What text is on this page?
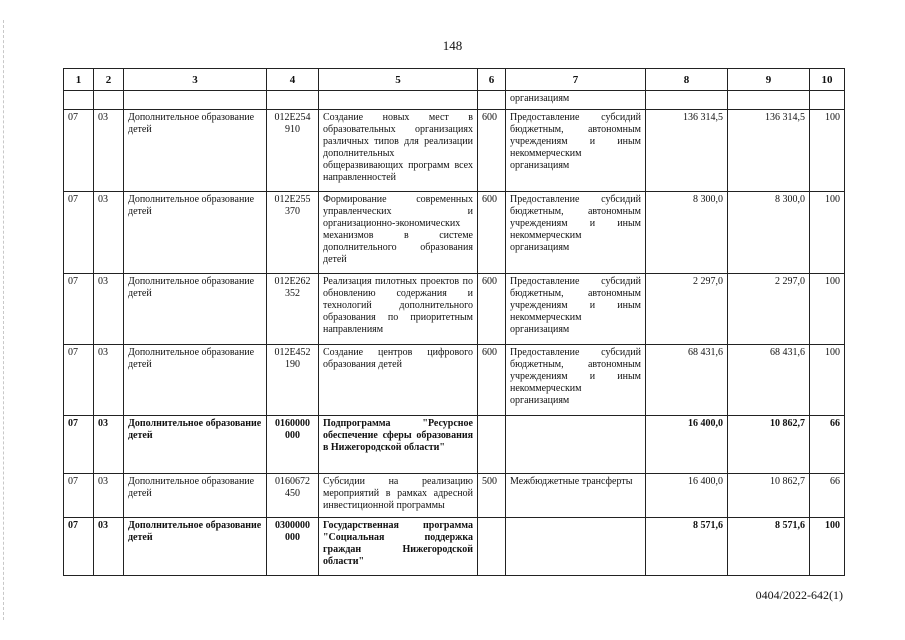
148
1	2	3	4	5	6	7	8	9	10
						организациям			
07	03	Дополнительное образование детей	012Е254 910	Создание новых мест в образовательных организациях различных типов для реализации дополнительных общеразвивающих программ всех направленностей	600	Предоставление субсидий бюджетным, автономным учреждениям и иным некоммерческим организациям	136 314,5	136 314,5	100
07	03	Дополнительное образование детей	012Е255 370	Формирование современных управленческих и организационно-экономических механизмов в системе дополнительного образования детей	600	Предоставление субсидий бюджетным, автономным учреждениям и иным некоммерческим организациям	8 300,0	8 300,0	100
07	03	Дополнительное образование детей	012Е262 352	Реализация пилотных проектов по обновлению содержания и технологий дополнительного образования по приоритетным направлениям	600	Предоставление субсидий бюджетным, автономным учреждениям и иным некоммерческим организациям	2 297,0	2 297,0	100
07	03	Дополнительное образование детей	012Е452 190	Создание центров цифрового образования детей	600	Предоставление субсидий бюджетным, автономным учреждениям и иным некоммерческим организациям	68 431,6	68 431,6	100
07	03	Дополнительное образование детей	0160000 000	Подпрограмма "Ресурсное обеспечение сферы образования в Нижегородской области"			16 400,0	10 862,7	66
07	03	Дополнительное образование детей	0160672 450	Субсидии на реализацию мероприятий в рамках адресной инвестиционной программы	500	Межбюджетные трансферты	16 400,0	10 862,7	66
07	03	Дополнительное образование детей	0300000 000	Государственная программа "Социальная поддержка граждан Нижегородской области"			8 571,6	8 571,6	100
0404/2022-642(1)
